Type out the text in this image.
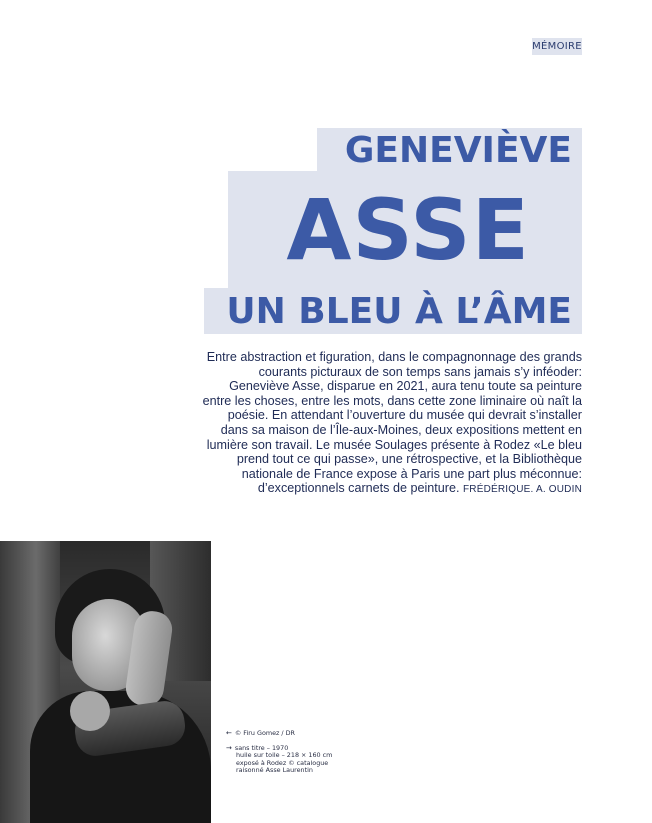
MÉMOIRE
GENEVIÈVE
ASSE
UN BLEU À L’ÂME
Entre abstraction et figuration, dans le compagnonnage des grands courants picturaux de son temps sans jamais s’y inféoder: Geneviève Asse, disparue en 2021, aura tenu toute sa peinture entre les choses, entre les mots, dans cette zone liminaire où naît la poésie. En attendant l’ouverture du musée qui devrait s’installer dans sa maison de l’Île-aux-Moines, deux expositions mettent en lumière son travail. Le musée Soulages présente à Rodez «Le bleu prend tout ce qui passe», une rétrospective, et la Bibliothèque nationale de France expose à Paris une part plus méconnue: d’exceptionnels carnets de peinture. FRÉDÉRIQUE. A. OUDIN
← © Firu Gomez / DR
→ sans titre – 1970
huile sur toile – 218 × 160 cm
exposé à Rodez © catalogue
raisonné Asse Laurentin
